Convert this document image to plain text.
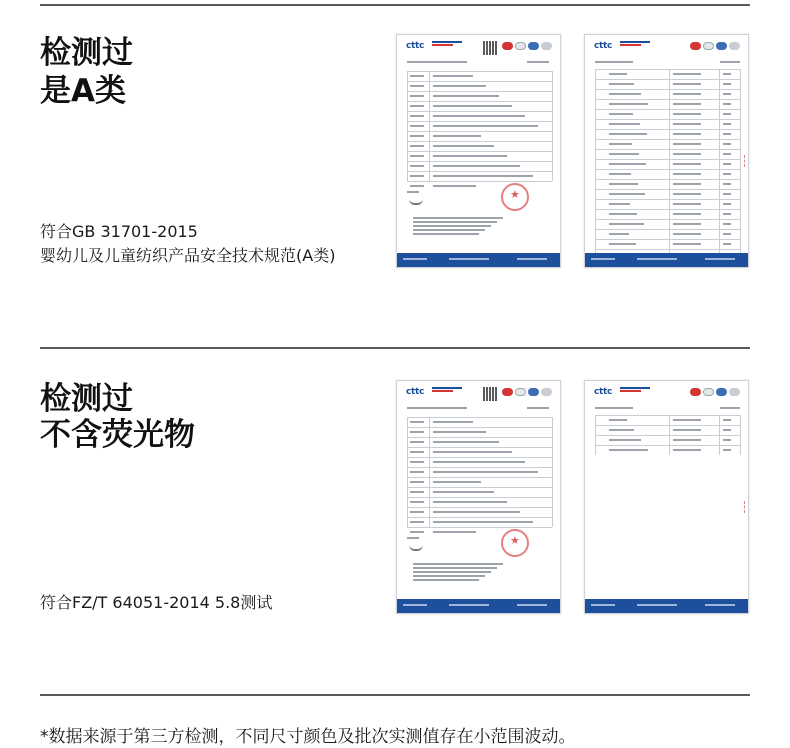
检测过
是A类
符合GB 31701-2015
婴幼儿及儿童纺织产品安全技术规范(A类)
检测过
不含荧光物
符合FZ/T 64051-2014 5.8测试
cttc
★	cttc
cttc
★	cttc
*数据来源于第三方检测，不同尺寸颜色及批次实测值存在小范围波动。
